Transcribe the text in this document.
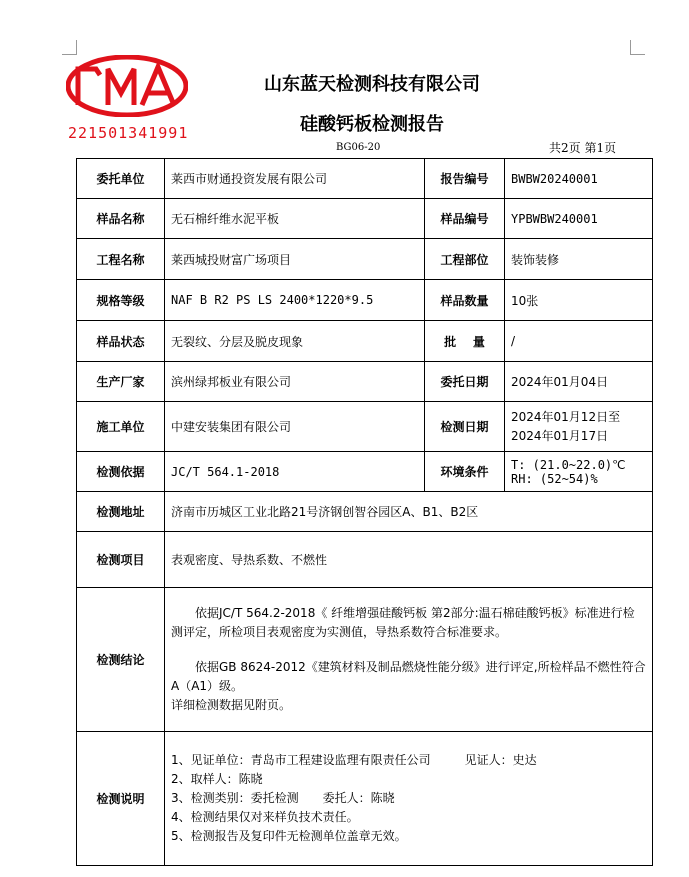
221501341991
山东蓝天检测科技有限公司
硅酸钙板检测报告
BG06-20	共2页 第1页
委托单位	莱西市财通投资发展有限公司	报告编号	BWBW20240001
样品名称	无石棉纤维水泥平板	样品编号	YPBWBW240001
工程名称	莱西城投财富广场项目	工程部位	装饰装修
规格等级	NAF B R2 PS LS 2400*1220*9.5	样品数量	10张
样品状态	无裂纹、分层及脱皮现象	批    量	/
生产厂家	滨州绿邦板业有限公司	委托日期	2024年01月04日
施工单位	中建安装集团有限公司	检测日期	2024年01月12日至
2024年01月17日

检测依据	JC/T 564.1-2018	环境条件	T: (21.0~22.0)℃
RH: (52~54)%

检测地址	济南市历城区工业北路21号济钢创智谷园区A、B1、B2区		
检测项目	表观密度、导热系数、不燃性		
检测结论	依据JC/T 564.2-2018《 纤维增强硅酸钙板 第2部分:温石棉硅酸钙板》标准进行检测评定，所检项目表观密度为实测值，导热系数符合标准要求。

依据GB 8624-2012《建筑材料及制品燃烧性能分级》进行评定,所检样品不燃性符合A（A1）级。

详细检测数据见附页。		

检测说明	1、见证单位：青岛市工程建设监理有限责任公司 见证人：史达
2、取样人：陈晓
3、检测类别：委托检测 委托人：陈晓
4、检测结果仅对来样负技术责任。
5、检测报告及复印件无检测单位盖章无效。		
